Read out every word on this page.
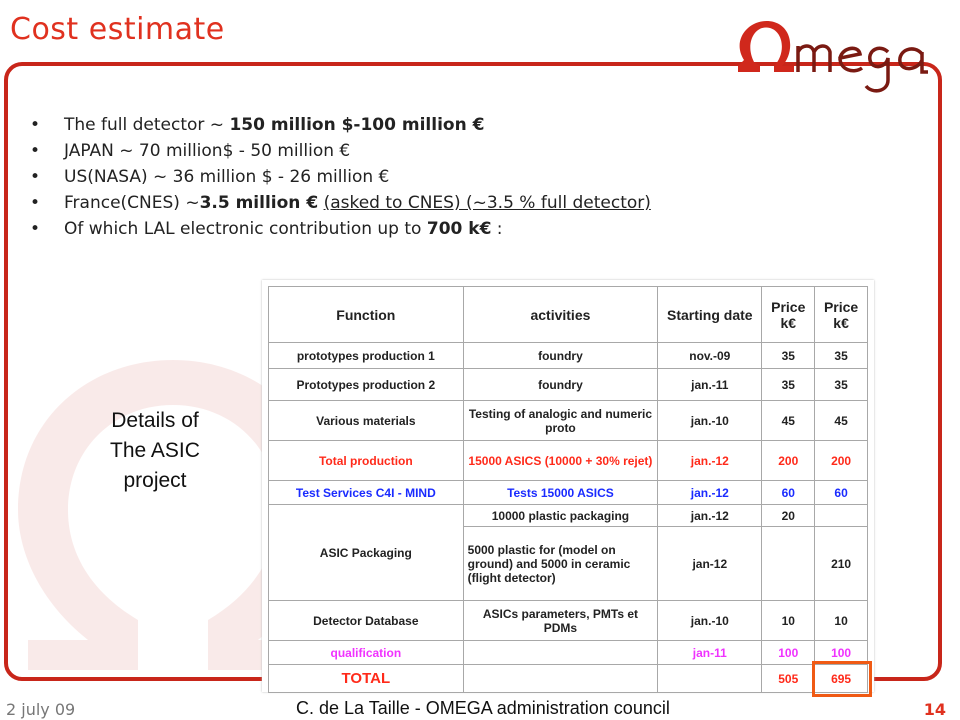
Cost estimate
Omega
• The full detector ~ 150 million $-100 million €
• JAPAN ~ 70 million$ - 50 million €
• US(NASA) ~ 36 million $ - 26 million €
• France(CNES) ~3.5 million € (asked to CNES) (~3.5 % full detector)
• Of which LAL electronic contribution up to 700 k€ :
Details of The ASIC project
Function	activities	Starting date	Price k€	Price k€
prototypes production 1	foundry	nov.-09	35	35
Prototypes production 2	foundry	jan.-11	35	35
Various materials	Testing of analogic and numeric proto	jan.-10	45	45
Total production	15000 ASICS (10000 + 30% rejet)	jan.-12	200	200
Test Services C4I - MIND	Tests 15000 ASICS	jan.-12	60	60
ASIC Packaging	10000 plastic packaging	jan.-12	20	
	5000 plastic for (model on ground) and 5000 in ceramic (flight detector)	jan-12		210
Detector Database	ASICs parameters, PMTs et PDMs	jan.-10	10	10
qualification		jan-11	100	100
TOTAL			505	695
2 july 09	C. de La Taille - OMEGA administration council	14
